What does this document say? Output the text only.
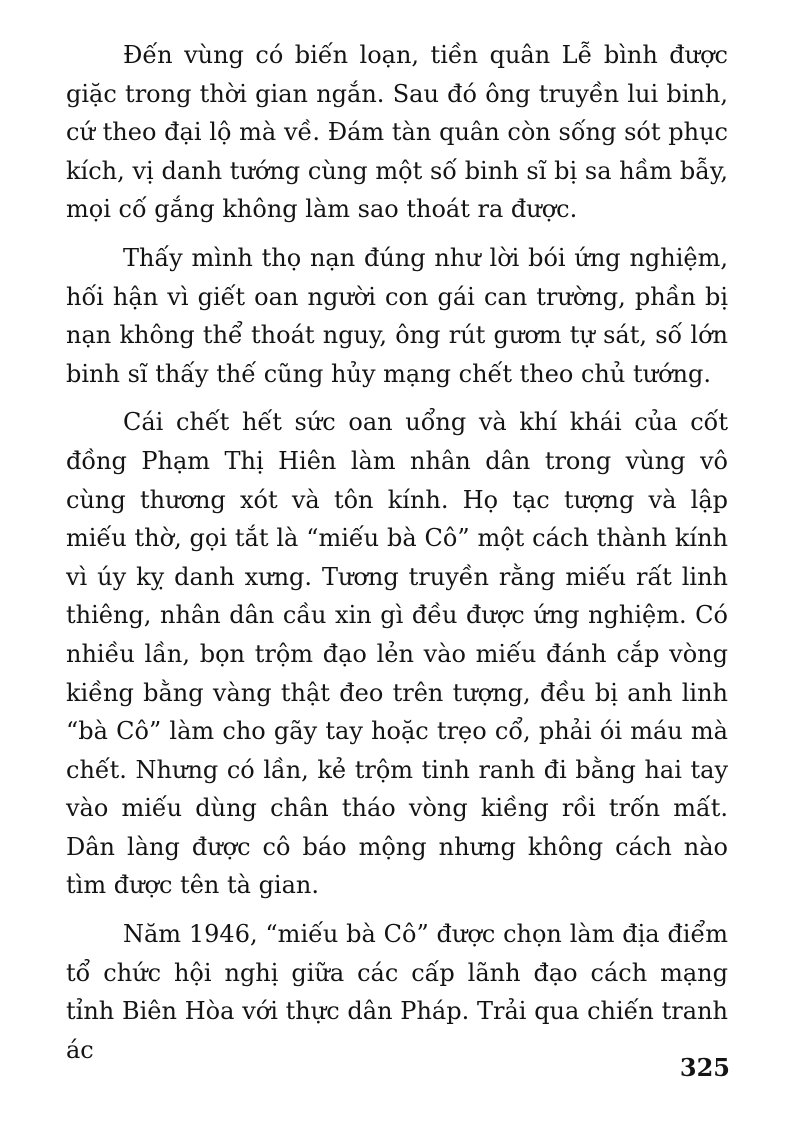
Đến vùng có biến loạn, tiền quân Lễ bình được giặc trong thời gian ngắn. Sau đó ông truyền lui binh, cứ theo đại lộ mà về. Đám tàn quân còn sống sót phục kích, vị danh tướng cùng một số binh sĩ bị sa hầm bẫy, mọi cố gắng không làm sao thoát ra được.

Thấy mình thọ nạn đúng như lời bói ứng nghiệm, hối hận vì giết oan người con gái can trường, phần bị nạn không thể thoát nguy, ông rút gươm tự sát, số lớn binh sĩ thấy thế cũng hủy mạng chết theo chủ tướng.

Cái chết hết sức oan uổng và khí khái của cốt đồng Phạm Thị Hiên làm nhân dân trong vùng vô cùng thương xót và tôn kính. Họ tạc tượng và lập miếu thờ, gọi tắt là “miếu bà Cô” một cách thành kính vì úy kỵ danh xưng. Tương truyền rằng miếu rất linh thiêng, nhân dân cầu xin gì đều được ứng nghiệm. Có nhiều lần, bọn trộm đạo lẻn vào miếu đánh cắp vòng kiềng bằng vàng thật đeo trên tượng, đều bị anh linh “bà Cô” làm cho gãy tay hoặc trẹo cổ, phải ói máu mà chết. Nhưng có lần, kẻ trộm tinh ranh đi bằng hai tay vào miếu dùng chân tháo vòng kiềng rồi trốn mất. Dân làng được cô báo mộng nhưng không cách nào tìm được tên tà gian.

Năm 1946, “miếu bà Cô” được chọn làm địa điểm tổ chức hội nghị giữa các cấp lãnh đạo cách mạng tỉnh Biên Hòa với thực dân Pháp. Trải qua chiến tranh ác

325
